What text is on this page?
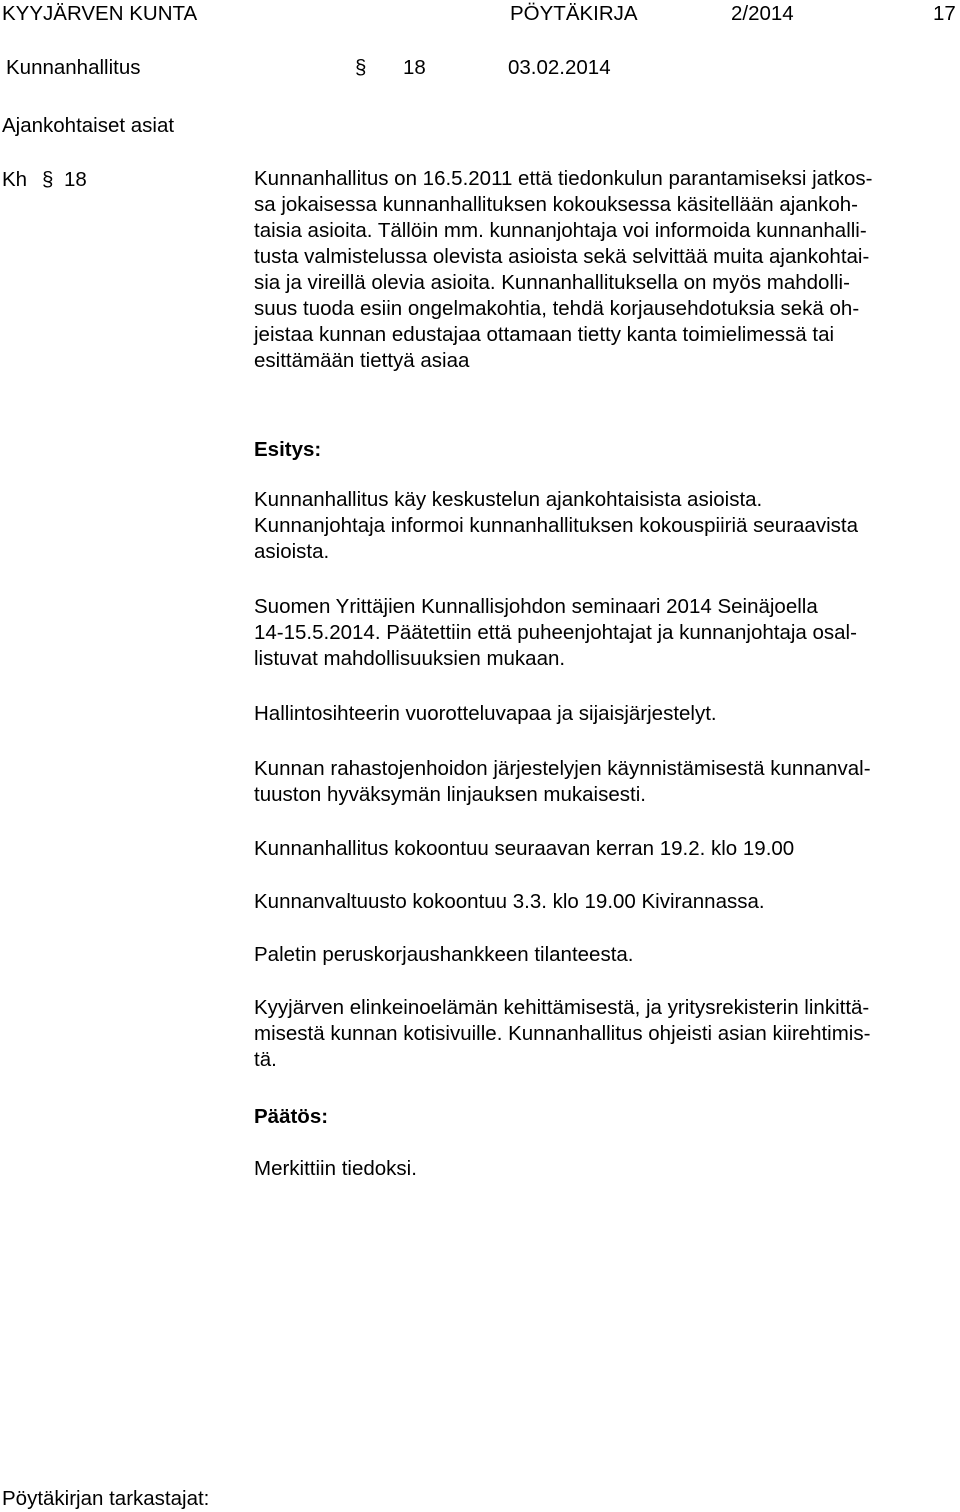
KYYJÄRVEN KUNTA	PÖYTÄKIRJA	2/2014	17
Kunnanhallitus	§ 18	03.02.2014
Ajankohtaiset asiat
Kh § 18	Kunnanhallitus on 16.5.2011 että tiedonkulun parantamiseksi jatkos-
sa jokaisessa kunnanhallituksen kokouksessa käsitellään ajankoh-
taisia asioita. Tällöin mm. kunnanjohtaja voi informoida kunnanhalli-
tusta valmistelussa olevista asioista sekä selvittää muita ajankohtai-
sia ja vireillä olevia asioita. Kunnanhallituksella on myös mahdolli-
suus tuoda esiin ongelmakohtia, tehdä korjausehdotuksia sekä oh-
jeistaa kunnan edustajaa ottamaan tietty kanta toimielimessä tai
esittämään tiettyä asiaa
Esitys:
Kunnanhallitus käy keskustelun ajankohtaisista asioista.
Kunnanjohtaja informoi kunnanhallituksen kokouspiiriä seuraavista
asioista.
Suomen Yrittäjien Kunnallisjohdon seminaari 2014 Seinäjoella
14-15.5.2014. Päätettiin että puheenjohtajat ja kunnanjohtaja osal-
listuvat mahdollisuuksien mukaan.
Hallintosihteerin vuorotteluvapaa ja sijaisjärjestelyt.
Kunnan rahastojenhoidon järjestelyjen käynnistämisestä kunnanval-
tuuston hyväksymän linjauksen mukaisesti.
Kunnanhallitus kokoontuu seuraavan kerran 19.2. klo 19.00
Kunnanvaltuusto kokoontuu 3.3. klo 19.00 Kivirannassa.
Paletin peruskorjaushankkeen tilanteesta.
Kyyjärven elinkeinoelämän kehittämisestä, ja yritysrekisterin linkittä-
misestä kunnan kotisivuille. Kunnanhallitus ohjeisti asian kiirehtimis-
tä.
Päätös:
Merkittiin tiedoksi.
Pöytäkirjan tarkastajat:
